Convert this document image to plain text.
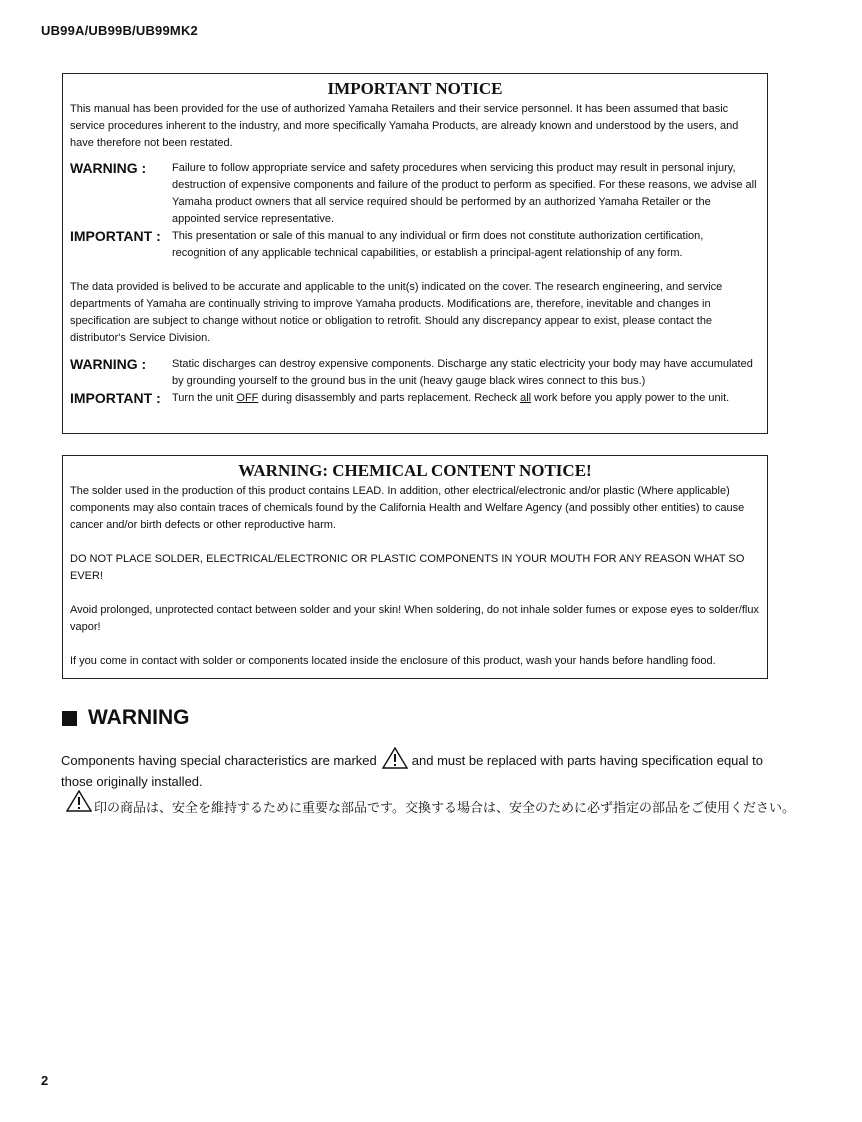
UB99A/UB99B/UB99MK2
IMPORTANT NOTICE

This manual has been provided for the use of authorized Yamaha Retailers and their service personnel. It has been assumed that basic service procedures inherent to the industry, and more specifically Yamaha Products, are already known and understood by the users, and have therefore not been restated.

WARNING :	Failure to follow appropriate service and safety procedures when servicing this product may result in personal injury, destruction of expensive components and failure of the product to perform as specified. For these reasons, we advise all Yamaha product owners that all service required should be performed by an authorized Yamaha Retailer or the appointed service representative.
IMPORTANT :	This presentation or sale of this manual to any individual or firm does not constitute authorization certification, recognition of any applicable technical capabilities, or establish a principal-agent relationship of any form.

The data provided is belived to be accurate and applicable to the unit(s) indicated on the cover. The research engineering, and service departments of Yamaha are continually striving to improve Yamaha products. Modifications are, therefore, inevitable and changes in specification are subject to change without notice or obligation to retrofit. Should any discrepancy appear to exist, please contact the distributor's Service Division.

WARNING :	Static discharges can destroy expensive components. Discharge any static electricity your body may have accumulated by grounding yourself to the ground bus in the unit (heavy gauge black wires connect to this bus.)
IMPORTANT :	Turn the unit OFF during disassembly and parts replacement. Recheck all work before you apply power to the unit.
WARNING: CHEMICAL CONTENT NOTICE!

The solder used in the production of this product contains LEAD. In addition, other electrical/electronic and/or plastic (Where applicable) components may also contain traces of chemicals found by the California Health and Welfare Agency (and possibly other entities) to cause cancer and/or birth defects or other reproductive harm.

DO NOT PLACE SOLDER, ELECTRICAL/ELECTRONIC OR PLASTIC COMPONENTS IN YOUR MOUTH FOR ANY REASON WHAT SO EVER!

Avoid prolonged, unprotected contact between solder and your skin! When soldering, do not inhale solder fumes or expose eyes to solder/flux vapor!

If you come in contact with solder or components located inside the enclosure of this product, wash your hands before handling food.

WARNING
Components having special characteristics are marked	and must be replaced with parts having specification equal to those originally installed.
印の商品は、安全を維持するために重要な部品です。交換する場合は、安全のために必ず指定の部品をご使用ください。
2
